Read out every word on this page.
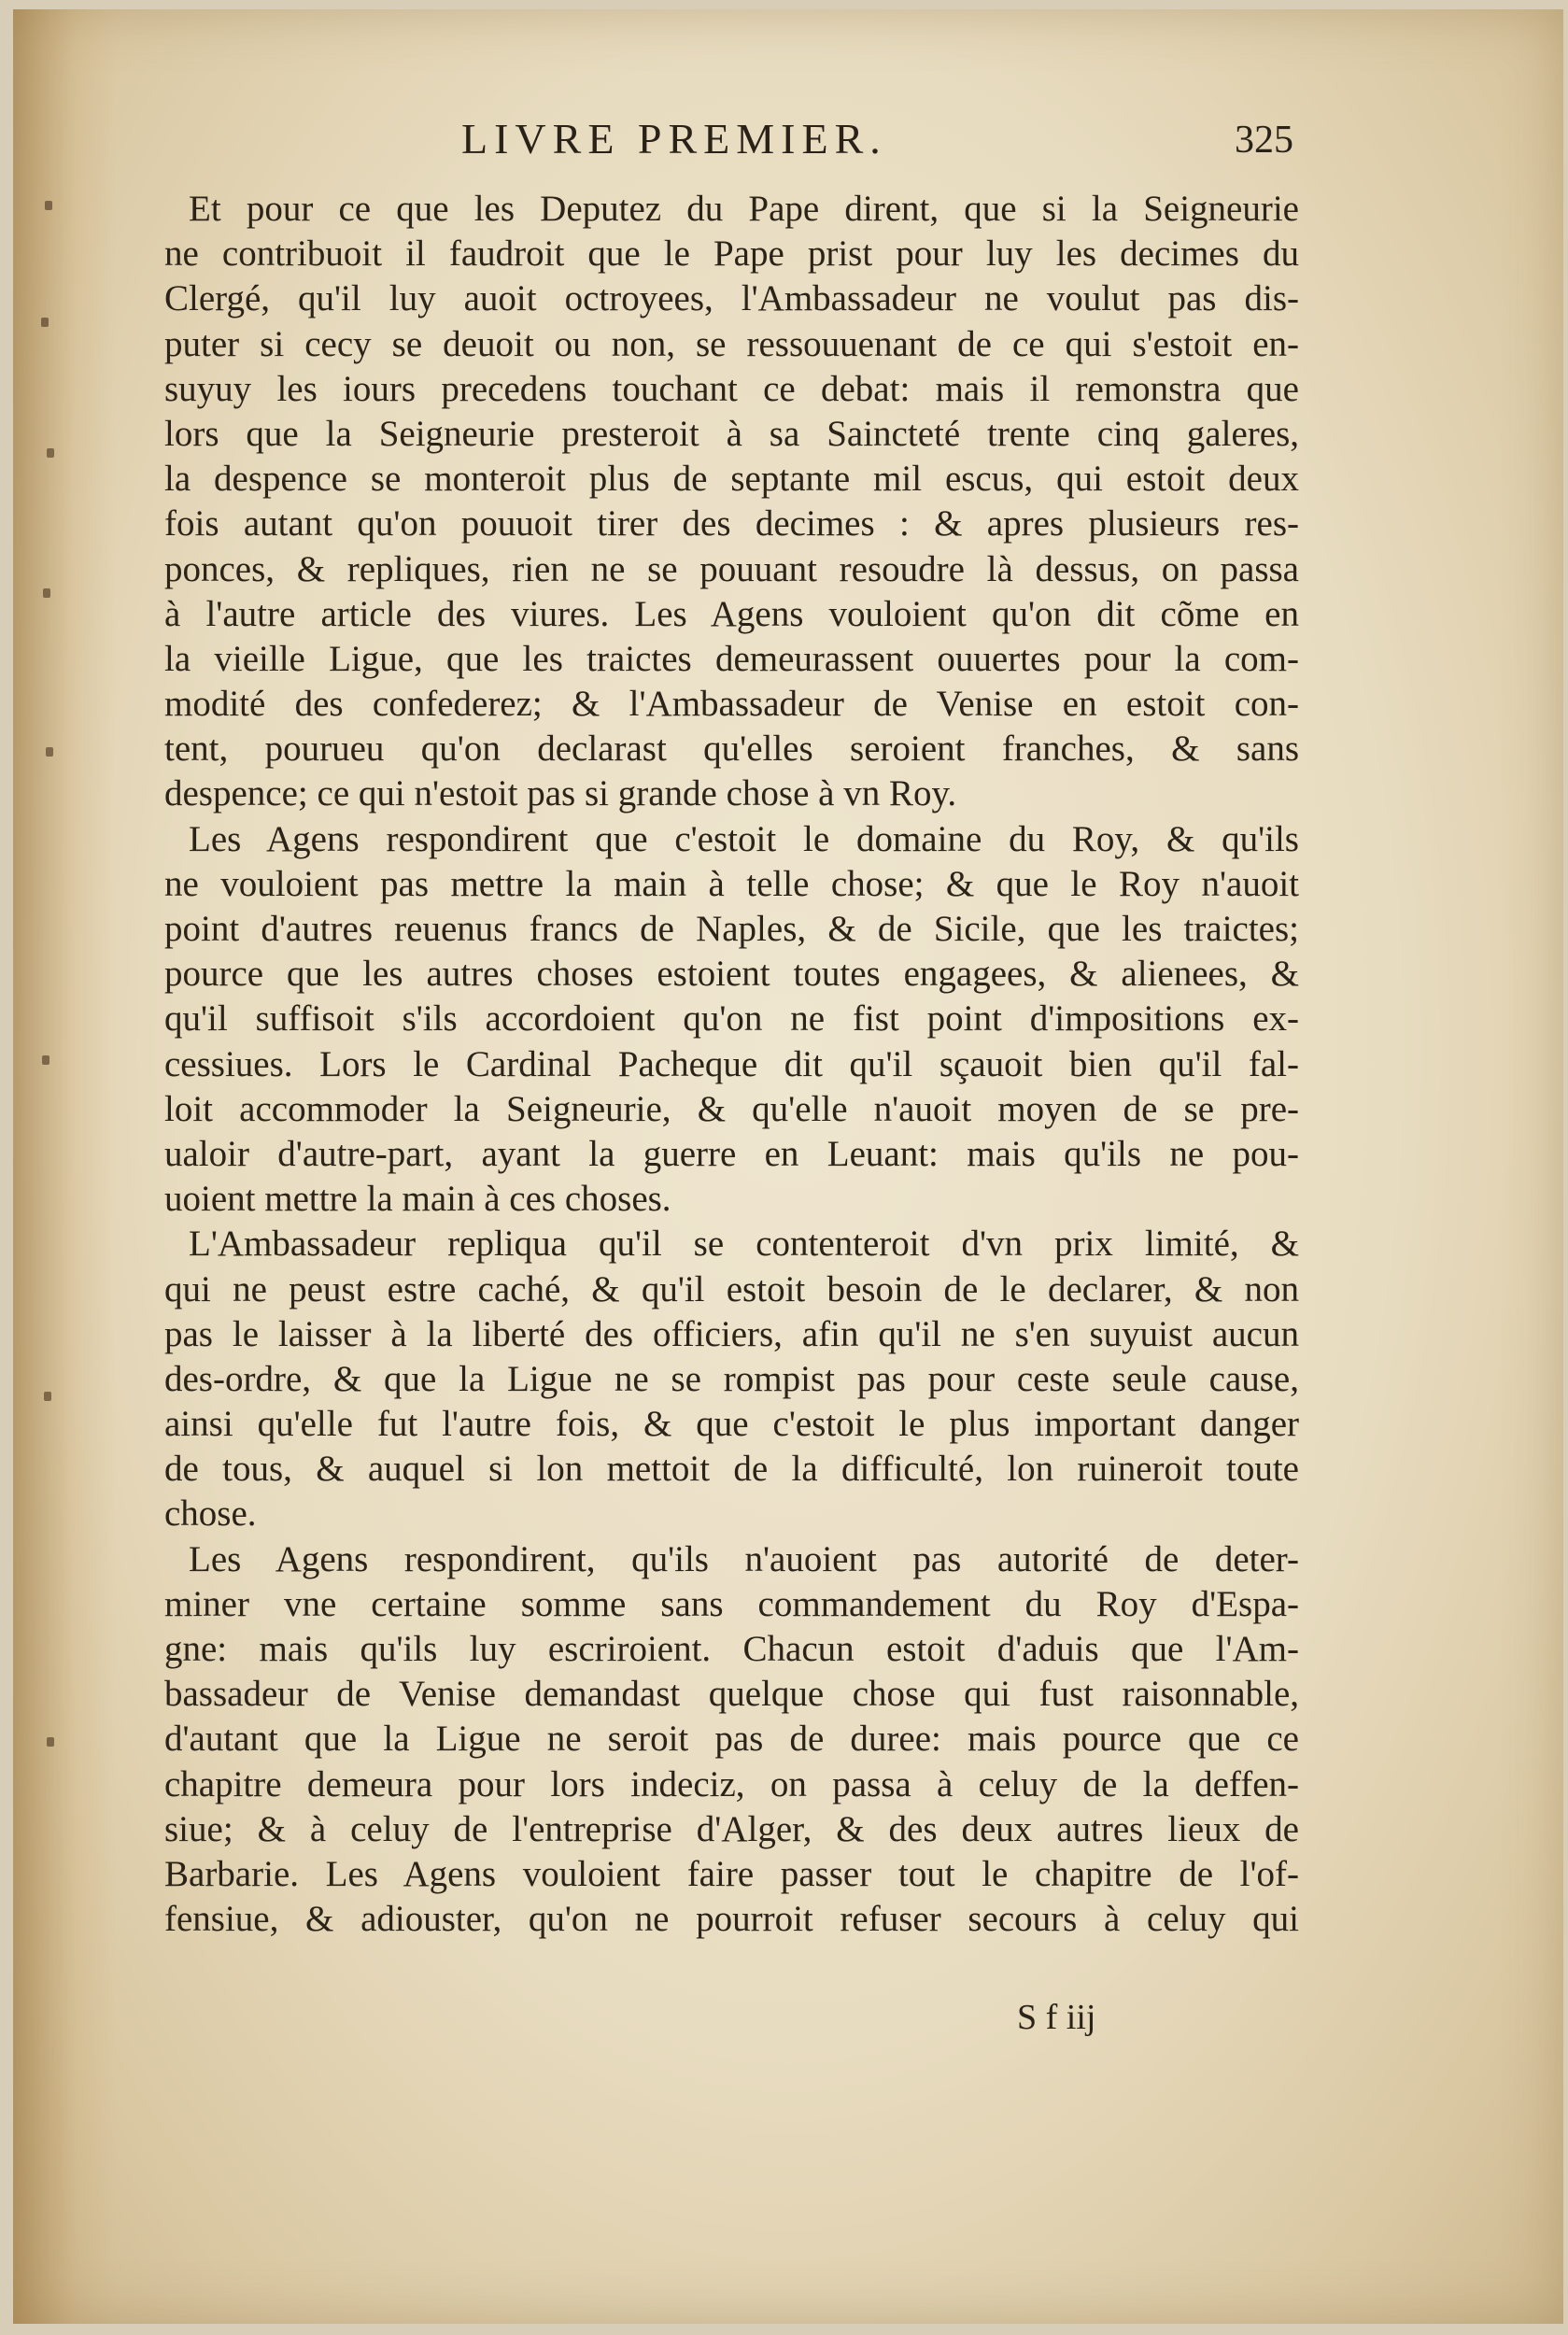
LIVRE PREMIER.	325
Et pour ce que les Deputez du Pape dirent, que si la Seigneurie
ne contribuoit il faudroit que le Pape prist pour luy les decimes du
Clergé, qu'il luy auoit octroyees, l'Ambassadeur ne voulut pas dis-
puter si cecy se deuoit ou non, se ressouuenant de ce qui s'estoit en-
suyuy les iours precedens touchant ce debat: mais il remonstra que
lors que la Seigneurie presteroit à sa Saincteté trente cinq galeres,
la despence se monteroit plus de septante mil escus, qui estoit deux
fois autant qu'on pouuoit tirer des decimes : & apres plusieurs res-
ponces, & repliques, rien ne se pouuant resoudre là dessus, on passa
à l'autre article des viures. Les Agens vouloient qu'on dit cõme en
la vieille Ligue, que les traictes demeurassent ouuertes pour la com-
modité des confederez; & l'Ambassadeur de Venise en estoit con-
tent, pourueu qu'on declarast qu'elles seroient franches, & sans
despence; ce qui n'estoit pas si grande chose à vn Roy.
Les Agens respondirent que c'estoit le domaine du Roy, & qu'ils
ne vouloient pas mettre la main à telle chose; & que le Roy n'auoit
point d'autres reuenus francs de Naples, & de Sicile, que les traictes;
pource que les autres choses estoient toutes engagees, & alienees, &
qu'il suffisoit s'ils accordoient qu'on ne fist point d'impositions ex-
cessiues. Lors le Cardinal Pacheque dit qu'il sçauoit bien qu'il fal-
loit accommoder la Seigneurie, & qu'elle n'auoit moyen de se pre-
ualoir d'autre-part, ayant la guerre en Leuant: mais qu'ils ne pou-
uoient mettre la main à ces choses.
L'Ambassadeur repliqua qu'il se contenteroit d'vn prix limité, &
qui ne peust estre caché, & qu'il estoit besoin de le declarer, & non
pas le laisser à la liberté des officiers, afin qu'il ne s'en suyuist aucun
des-ordre, & que la Ligue ne se rompist pas pour ceste seule cause,
ainsi qu'elle fut l'autre fois, & que c'estoit le plus important danger
de tous, & auquel si lon mettoit de la difficulté, lon ruineroit toute
chose.
Les Agens respondirent, qu'ils n'auoient pas autorité de deter-
miner vne certaine somme sans commandement du Roy d'Espa-
gne: mais qu'ils luy escriroient. Chacun estoit d'aduis que l'Am-
bassadeur de Venise demandast quelque chose qui fust raisonnable,
d'autant que la Ligue ne seroit pas de duree: mais pource que ce
chapitre demeura pour lors indeciz, on passa à celuy de la deffen-
siue; & à celuy de l'entreprise d'Alger, & des deux autres lieux de
Barbarie. Les Agens vouloient faire passer tout le chapitre de l'of-
fensiue, & adiouster, qu'on ne pourroit refuser secours à celuy qui
S f iij
